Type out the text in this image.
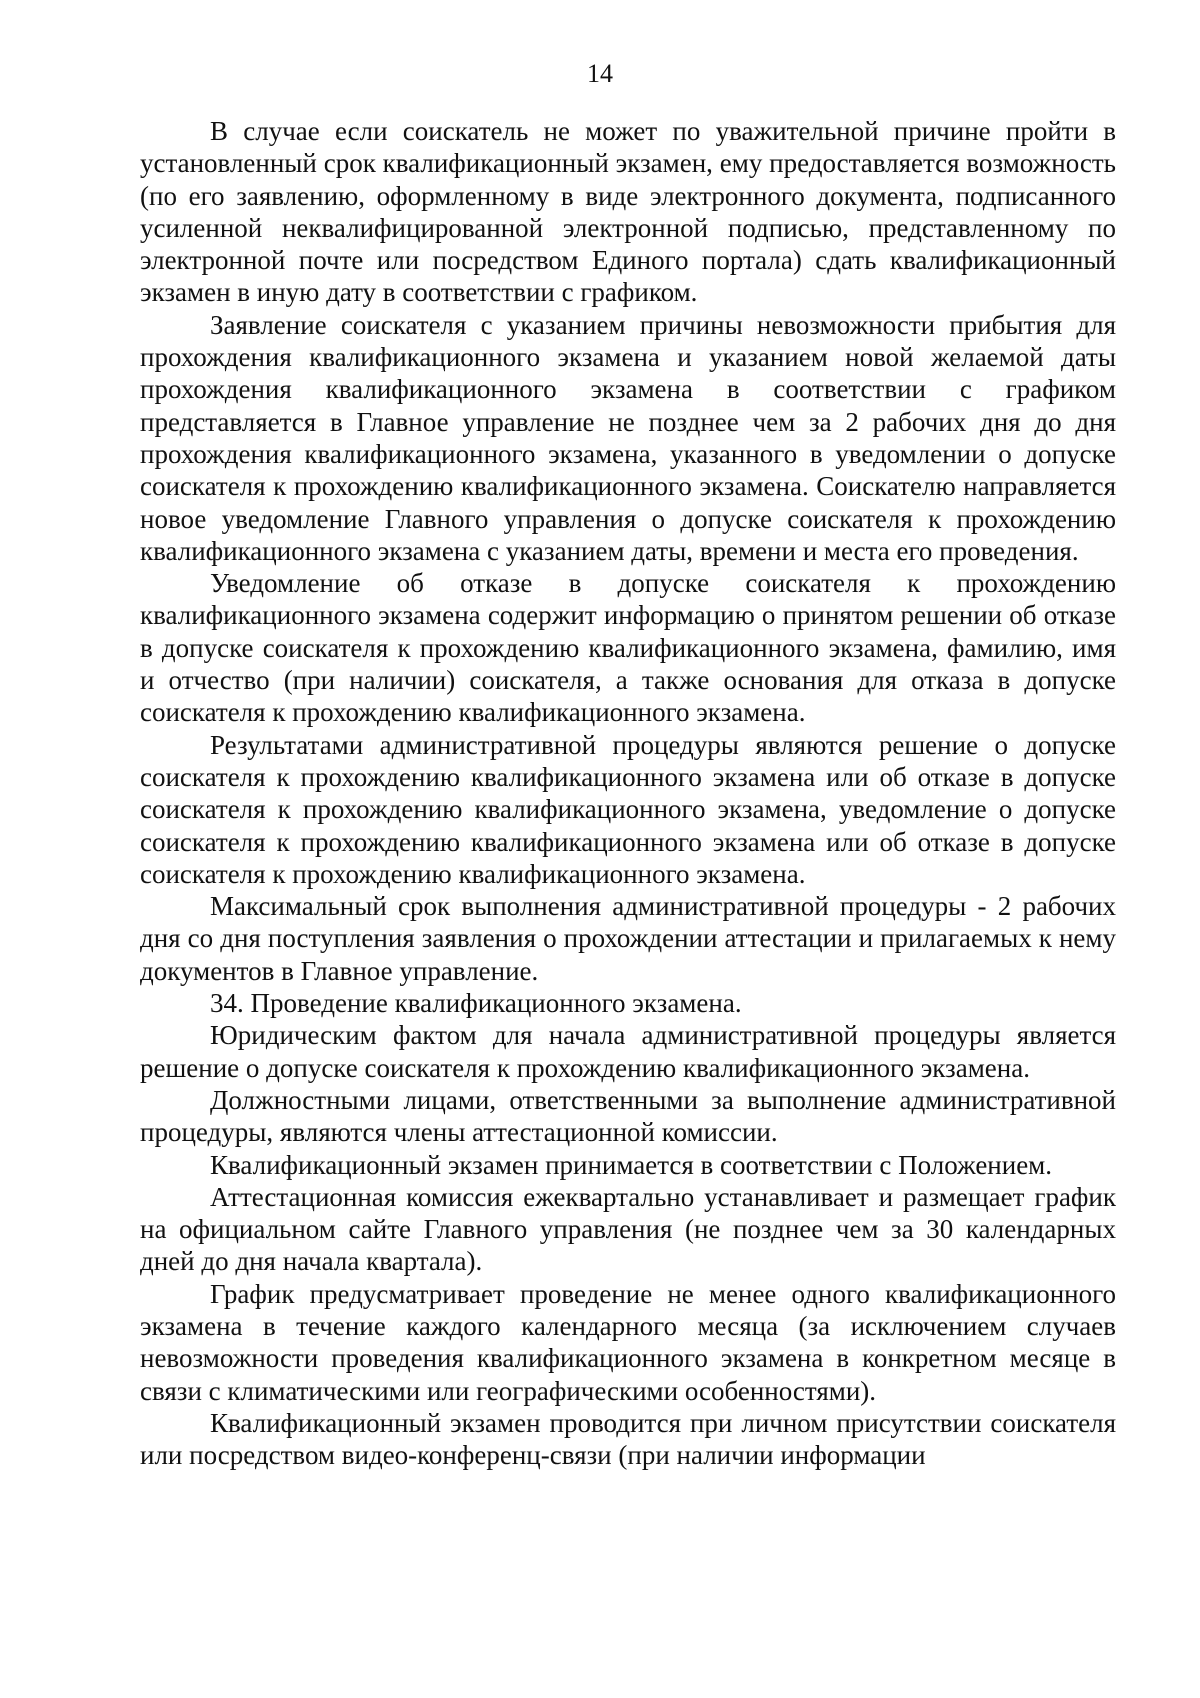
14

В случае если соискатель не может по уважительной причине пройти в установленный срок квалификационный экзамен, ему предоставляется возможность (по его заявлению, оформленному в виде электронного документа, подписанного усиленной неквалифицированной электронной подписью, представленному по электронной почте или посредством Единого портала) сдать квалификационный экзамен в иную дату в соответствии с графиком.

Заявление соискателя с указанием причины невозможности прибытия для прохождения квалификационного экзамена и указанием новой желаемой даты прохождения квалификационного экзамена в соответствии с графиком представляется в Главное управление не позднее чем за 2 рабочих дня до дня прохождения квалификационного экзамена, указанного в уведомлении о допуске соискателя к прохождению квалификационного экзамена. Соискателю направляется новое уведомление Главного управления о допуске соискателя к прохождению квалификационного экзамена с указанием даты, времени и места его проведения.

Уведомление об отказе в допуске соискателя к прохождению квалификационного экзамена содержит информацию о принятом решении об отказе в допуске соискателя к прохождению квалификационного экзамена, фамилию, имя и отчество (при наличии) соискателя, а также основания для отказа в допуске соискателя к прохождению квалификационного экзамена.

Результатами административной процедуры являются решение о допуске соискателя к прохождению квалификационного экзамена или об отказе в допуске соискателя к прохождению квалификационного экзамена, уведомление о допуске соискателя к прохождению квалификационного экзамена или об отказе в допуске соискателя к прохождению квалификационного экзамена.

Максимальный срок выполнения административной процедуры - 2 рабочих дня со дня поступления заявления о прохождении аттестации и прилагаемых к нему документов в Главное управление.

34. Проведение квалификационного экзамена.

Юридическим фактом для начала административной процедуры является решение о допуске соискателя к прохождению квалификационного экзамена.

Должностными лицами, ответственными за выполнение административной процедуры, являются члены аттестационной комиссии.

Квалификационный экзамен принимается в соответствии с Положением.

Аттестационная комиссия ежеквартально устанавливает и размещает график на официальном сайте Главного управления (не позднее чем за 30 календарных дней до дня начала квартала).

График предусматривает проведение не менее одного квалификационного экзамена в течение каждого календарного месяца (за исключением случаев невозможности проведения квалификационного экзамена в конкретном месяце в связи с климатическими или географическими особенностями).

Квалификационный экзамен проводится при личном присутствии соискателя или посредством видео-конференц-связи (при наличии информации
